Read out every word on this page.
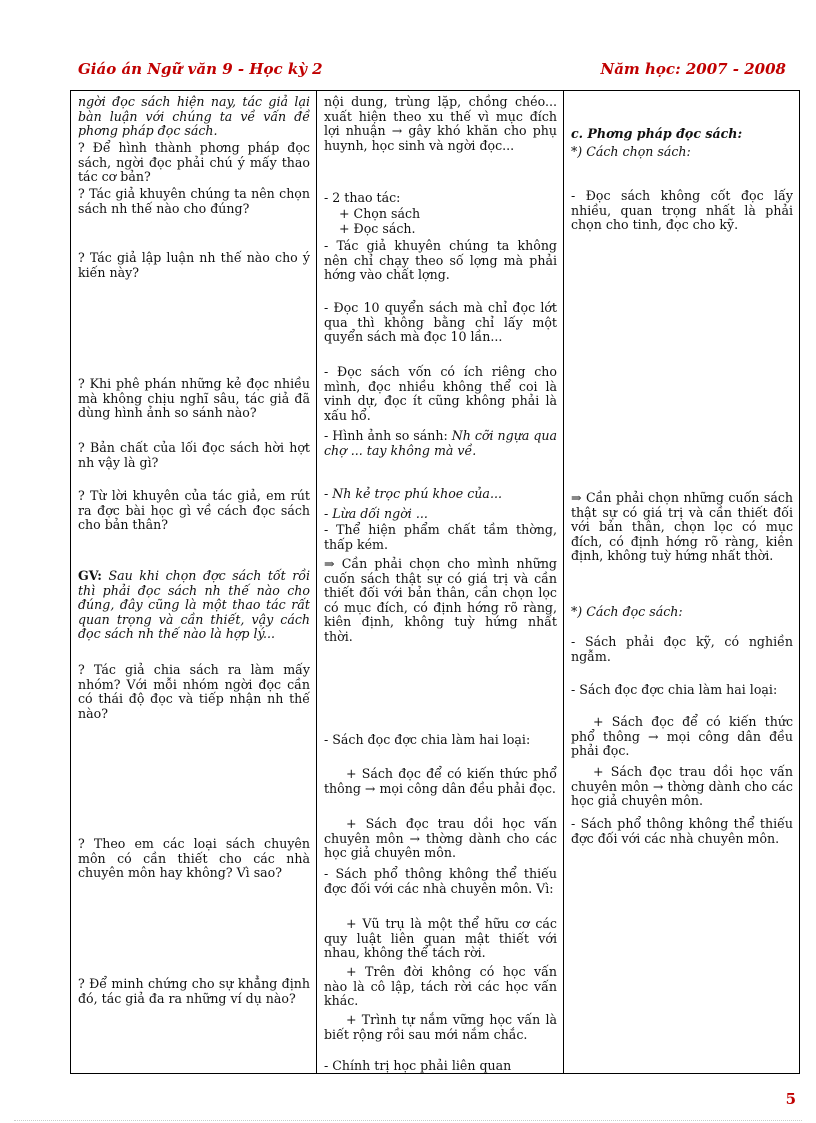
Giáo án Ngữ văn 9 - Học kỳ 2	Năm học: 2007 - 2008

ngời đọc sách hiện nay, tác giả lại bàn luận với chúng ta về vấn đề phơng pháp đọc sách.

? Để hình thành phơng pháp đọc sách, ngời đọc phải chú ý mấy thao tác cơ bản?

? Tác giả khuyên chúng ta nên chọn sách nh thế nào cho đúng?

? Tác giả lập luận nh thế nào cho ý kiến này?

? Khi phê phán những kẻ đọc nhiều mà không chịu nghĩ sâu, tác giả đã dùng hình ảnh so sánh nào?

? Bản chất của lối đọc sách hời hợt nh vậy là gì?

? Từ lời khuyên của tác giả, em rút ra đợc bài học gì về cách đọc sách cho bản thân?

GV: Sau khi chọn đợc sách tốt rồi thì phải đọc sách nh thế nào cho đúng, đây cũng là một thao tác rất quan trọng và cần thiết, vậy cách đọc sách nh thế nào là hợp lý...

? Tác giả chia sách ra làm mấy nhóm? Với mỗi nhóm ngời đọc cần có thái độ đọc và tiếp nhận nh thế nào?

? Theo em các loại sách chuyên môn có cần thiết cho các nhà chuyên môn hay không? Vì sao?

? Để minh chứng cho sự khẳng định đó, tác giả đa ra những ví dụ nào?

nội dung, trùng lặp, chồng chéo... xuất hiện theo xu thế vì mục đích lợi nhuận → gây khó khăn cho phụ huynh, học sinh và ngời đọc...

- 2 thao tác:

+ Chọn sách

+ Đọc sách.

- Tác giả khuyên chúng ta không nên chỉ chạy theo số lợng mà phải hớng vào chất lợng.

- Đọc 10 quyển sách mà chỉ đọc lớt qua thì không bằng chỉ lấy một quyển sách mà đọc 10 lần...

- Đọc sách vốn có ích riêng cho mình, đọc nhiều không thể coi là vinh dự, đọc ít cũng không phải là xấu hổ.

- Hình ảnh so sánh: Nh cỡi ngựa qua chợ ... tay không mà về.

- Nh kẻ trọc phú khoe của...

- Lừa dối ngời ...

- Thể hiện phẩm chất tầm thờng, thấp kém.

⇒ Cần phải chọn cho mình những cuốn sách thật sự có giá trị và cần thiết đối với bản thân, cần chọn lọc có mục đích, có định hớng rõ ràng, kiên định, không tuỳ hứng nhất thời.

- Sách đọc đợc chia làm hai loại:

+ Sách đọc để có kiến thức phổ thông → mọi công dân đều phải đọc.

+ Sách đọc trau dồi học vấn chuyên môn → thờng dành cho các học giả chuyên môn.

- Sách phổ thông không thể thiếu đợc đối với các nhà chuyên môn. Vì:

+ Vũ trụ là một thể hữu cơ các quy luật liên quan mật thiết với nhau, không thể tách rời.

+ Trên đời không có học vấn nào là cô lập, tách rời các học vấn khác.

+ Trình tự nắm vững học vấn là biết rộng rồi sau mới nắm chắc.

- Chính trị học phải liên quan

c. Phơng pháp đọc sách:

*) Cách chọn sách:

- Đọc sách không cốt đọc lấy nhiều, quan trọng nhất là phải chọn cho tinh, đọc cho kỹ.

⇒ Cần phải chọn những cuốn sách thật sự có giá trị và cần thiết đối với bản thân, chọn lọc có mục đích, có định hớng rõ ràng, kiên định, không tuỳ hứng nhất thời.

*) Cách đọc sách:

- Sách phải đọc kỹ, có nghiền ngẫm.

- Sách đọc đợc chia làm hai loại:

+ Sách đọc để có kiến thức phổ thông → mọi công dân đều phải đọc.

+ Sách đọc trau dồi học vấn chuyên môn → thờng dành cho các học giả chuyên môn.

- Sách phổ thông không thể thiếu đợc đối với các nhà chuyên môn.

5
